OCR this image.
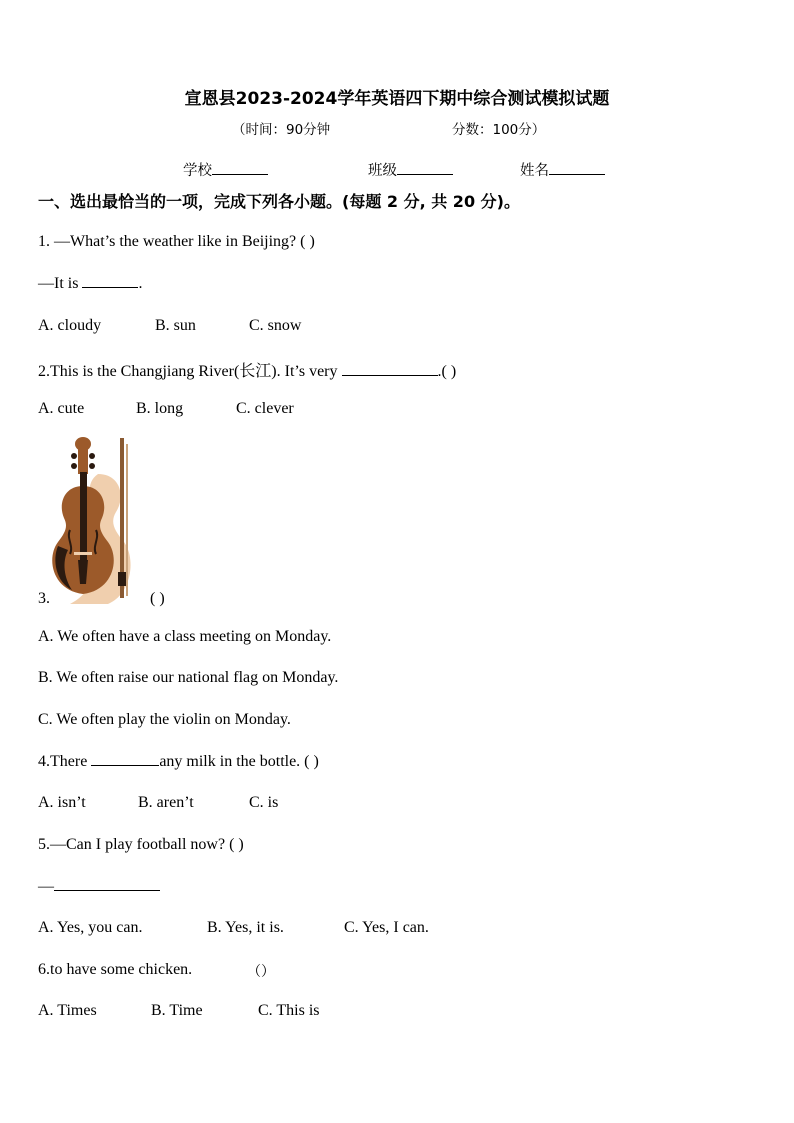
宣恩县2023-2024学年英语四下期中综合测试模拟试题
（时间：90分钟	分数：100分）
学校	班级	姓名
一、选出最恰当的一项，完成下列各小题。(每题 2 分, 共 20 分)。
1. —What’s the weather like in Beijing? ( )
—It is	.
A. cloudy	B. sun	C. snow
2.This is the Changjiang River(长江). It’s very	.( )
A. cute	B. long	C. clever
3.	( )
A. We often have a class meeting on Monday.
B. We often raise our national flag on Monday.
C. We often play the violin on Monday.
4.There	any milk in the bottle. ( )
A. isn’t	B. aren’t	C. is
5.—Can I play football now? ( )
—
A. Yes, you can.	B. Yes, it is.	C. Yes, I can.
6.to have some chicken.	（）
A. Times	B. Time	C. This is
